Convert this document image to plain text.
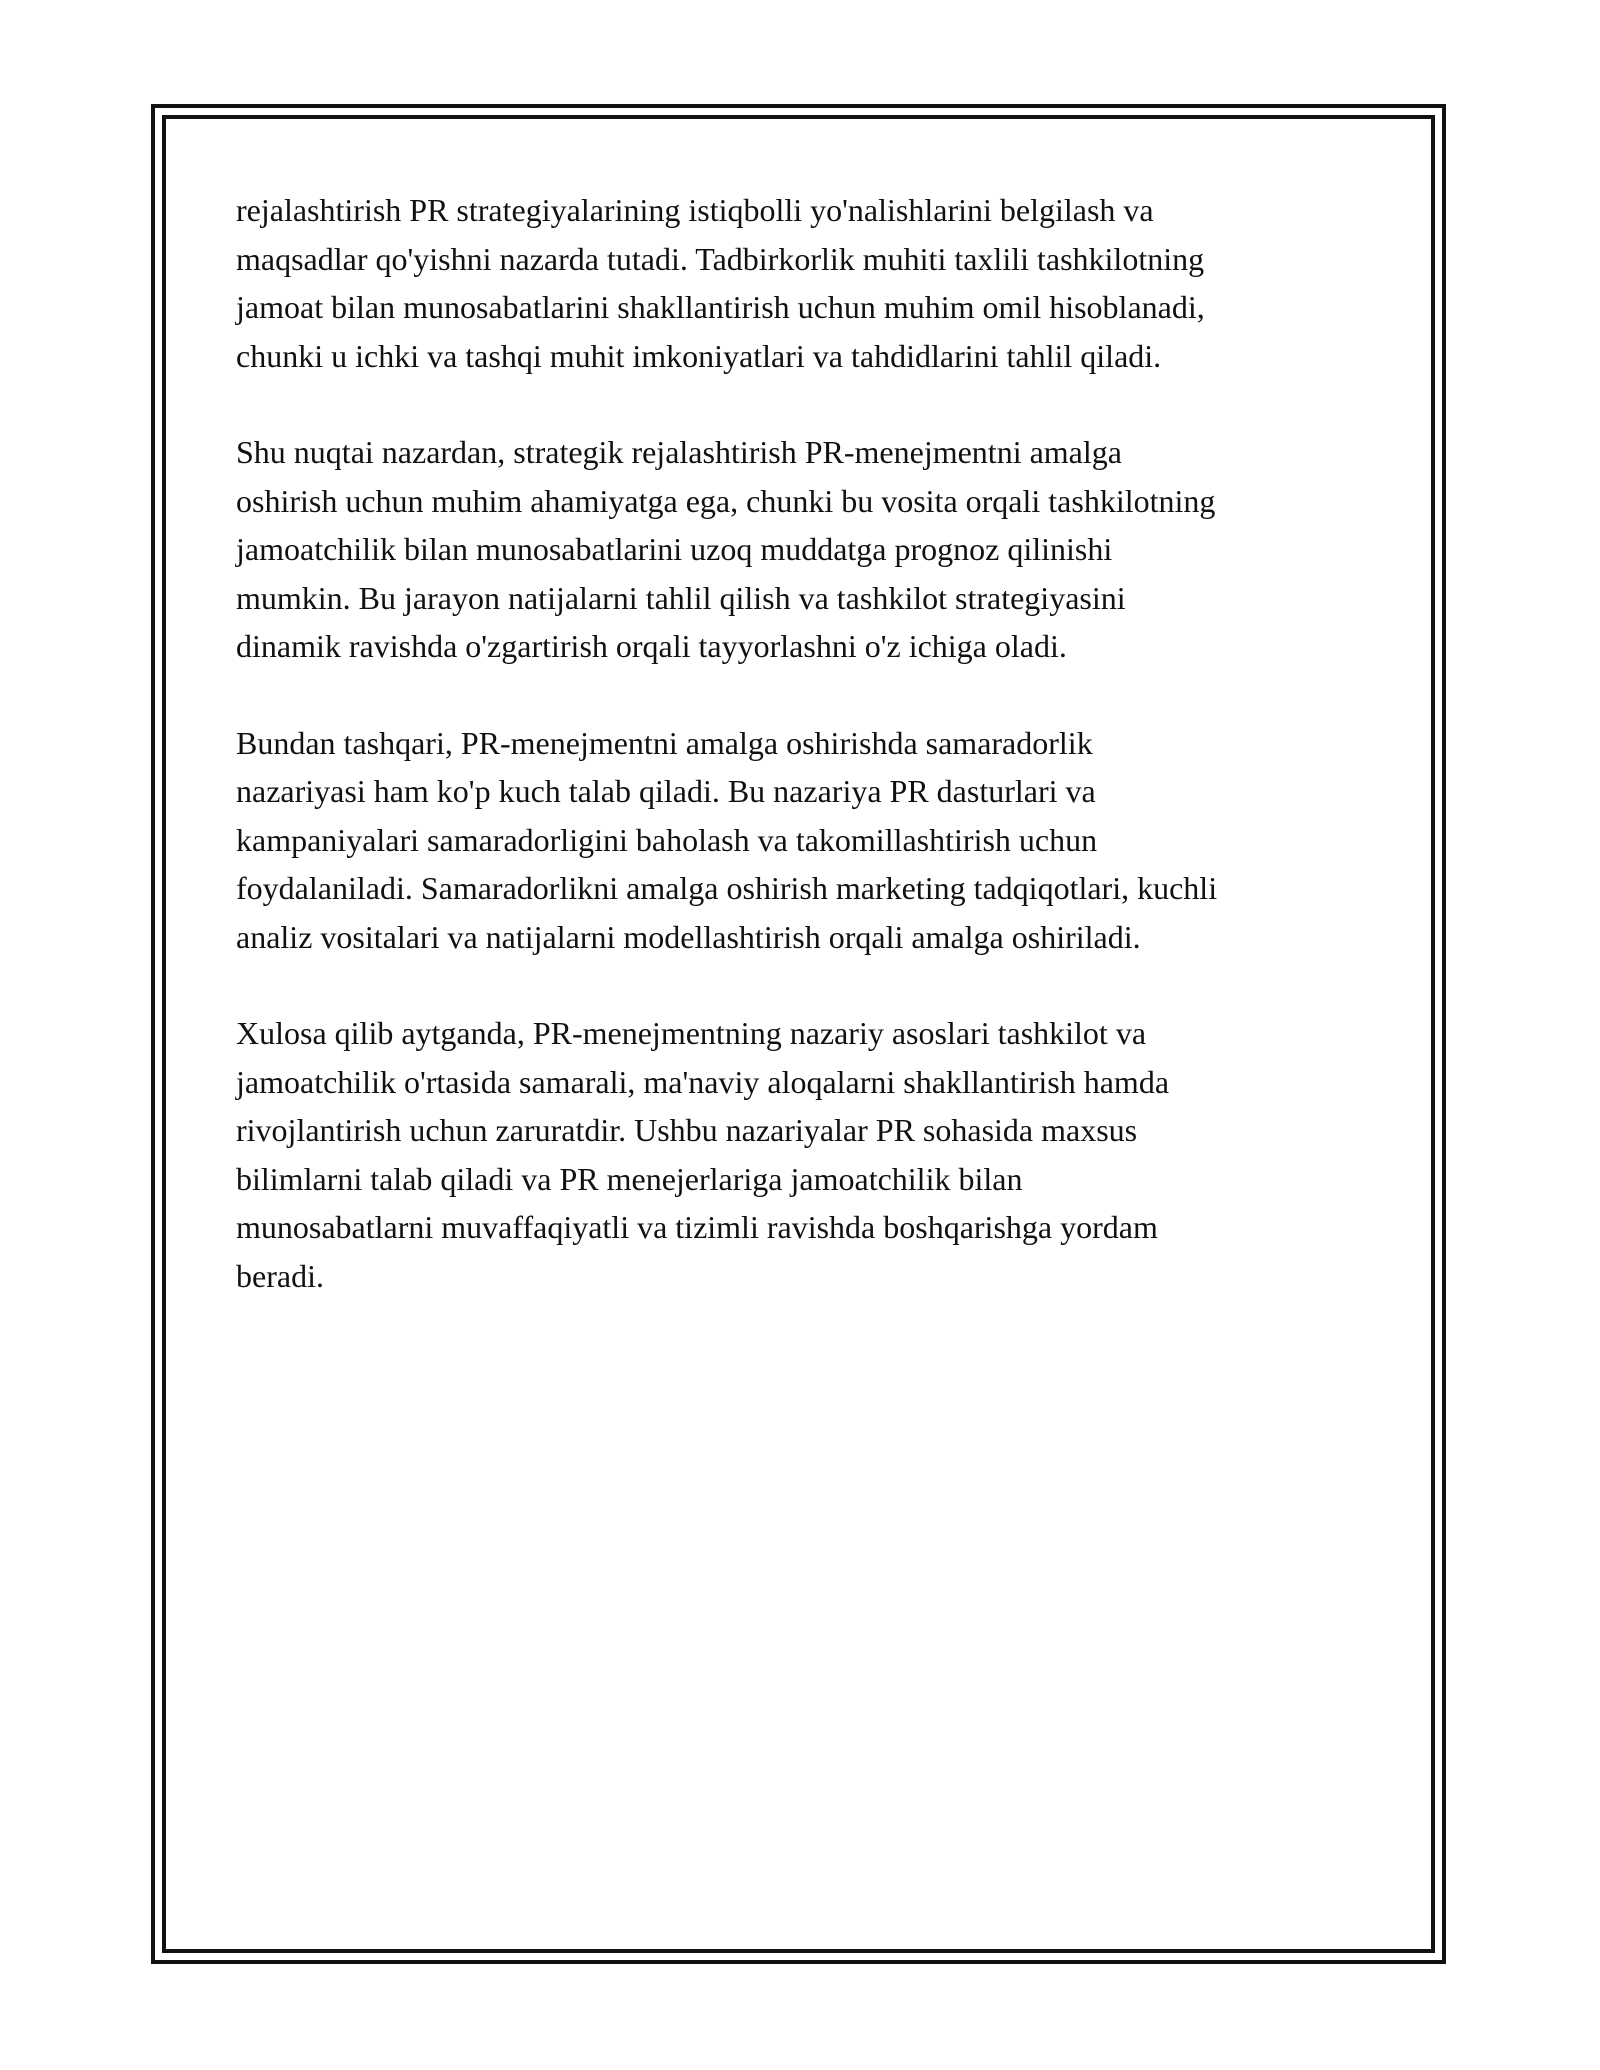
rejalashtirish PR strategiyalarining istiqbolli yo'nalishlarini belgilash va
maqsadlar qo'yishni nazarda tutadi. Tadbirkorlik muhiti taxlili tashkilotning
jamoat bilan munosabatlarini shakllantirish uchun muhim omil hisoblanadi,
chunki u ichki va tashqi muhit imkoniyatlari va tahdidlarini tahlil qiladi.

Shu nuqtai nazardan, strategik rejalashtirish PR-menejmentni amalga
oshirish uchun muhim ahamiyatga ega, chunki bu vosita orqali tashkilotning
jamoatchilik bilan munosabatlarini uzoq muddatga prognoz qilinishi
mumkin. Bu jarayon natijalarni tahlil qilish va tashkilot strategiyasini
dinamik ravishda o'zgartirish orqali tayyorlashni o'z ichiga oladi.

Bundan tashqari, PR-menejmentni amalga oshirishda samaradorlik
nazariyasi ham ko'p kuch talab qiladi. Bu nazariya PR dasturlari va
kampaniyalari samaradorligini baholash va takomillashtirish uchun
foydalaniladi. Samaradorlikni amalga oshirish marketing tadqiqotlari, kuchli
analiz vositalari va natijalarni modellashtirish orqali amalga oshiriladi.

Xulosa qilib aytganda, PR-menejmentning nazariy asoslari tashkilot va
jamoatchilik o'rtasida samarali, ma'naviy aloqalarni shakllantirish hamda
rivojlantirish uchun zaruratdir. Ushbu nazariyalar PR sohasida maxsus
bilimlarni talab qiladi va PR menejerlariga jamoatchilik bilan
munosabatlarni muvaffaqiyatli va tizimli ravishda boshqarishga yordam
beradi.
